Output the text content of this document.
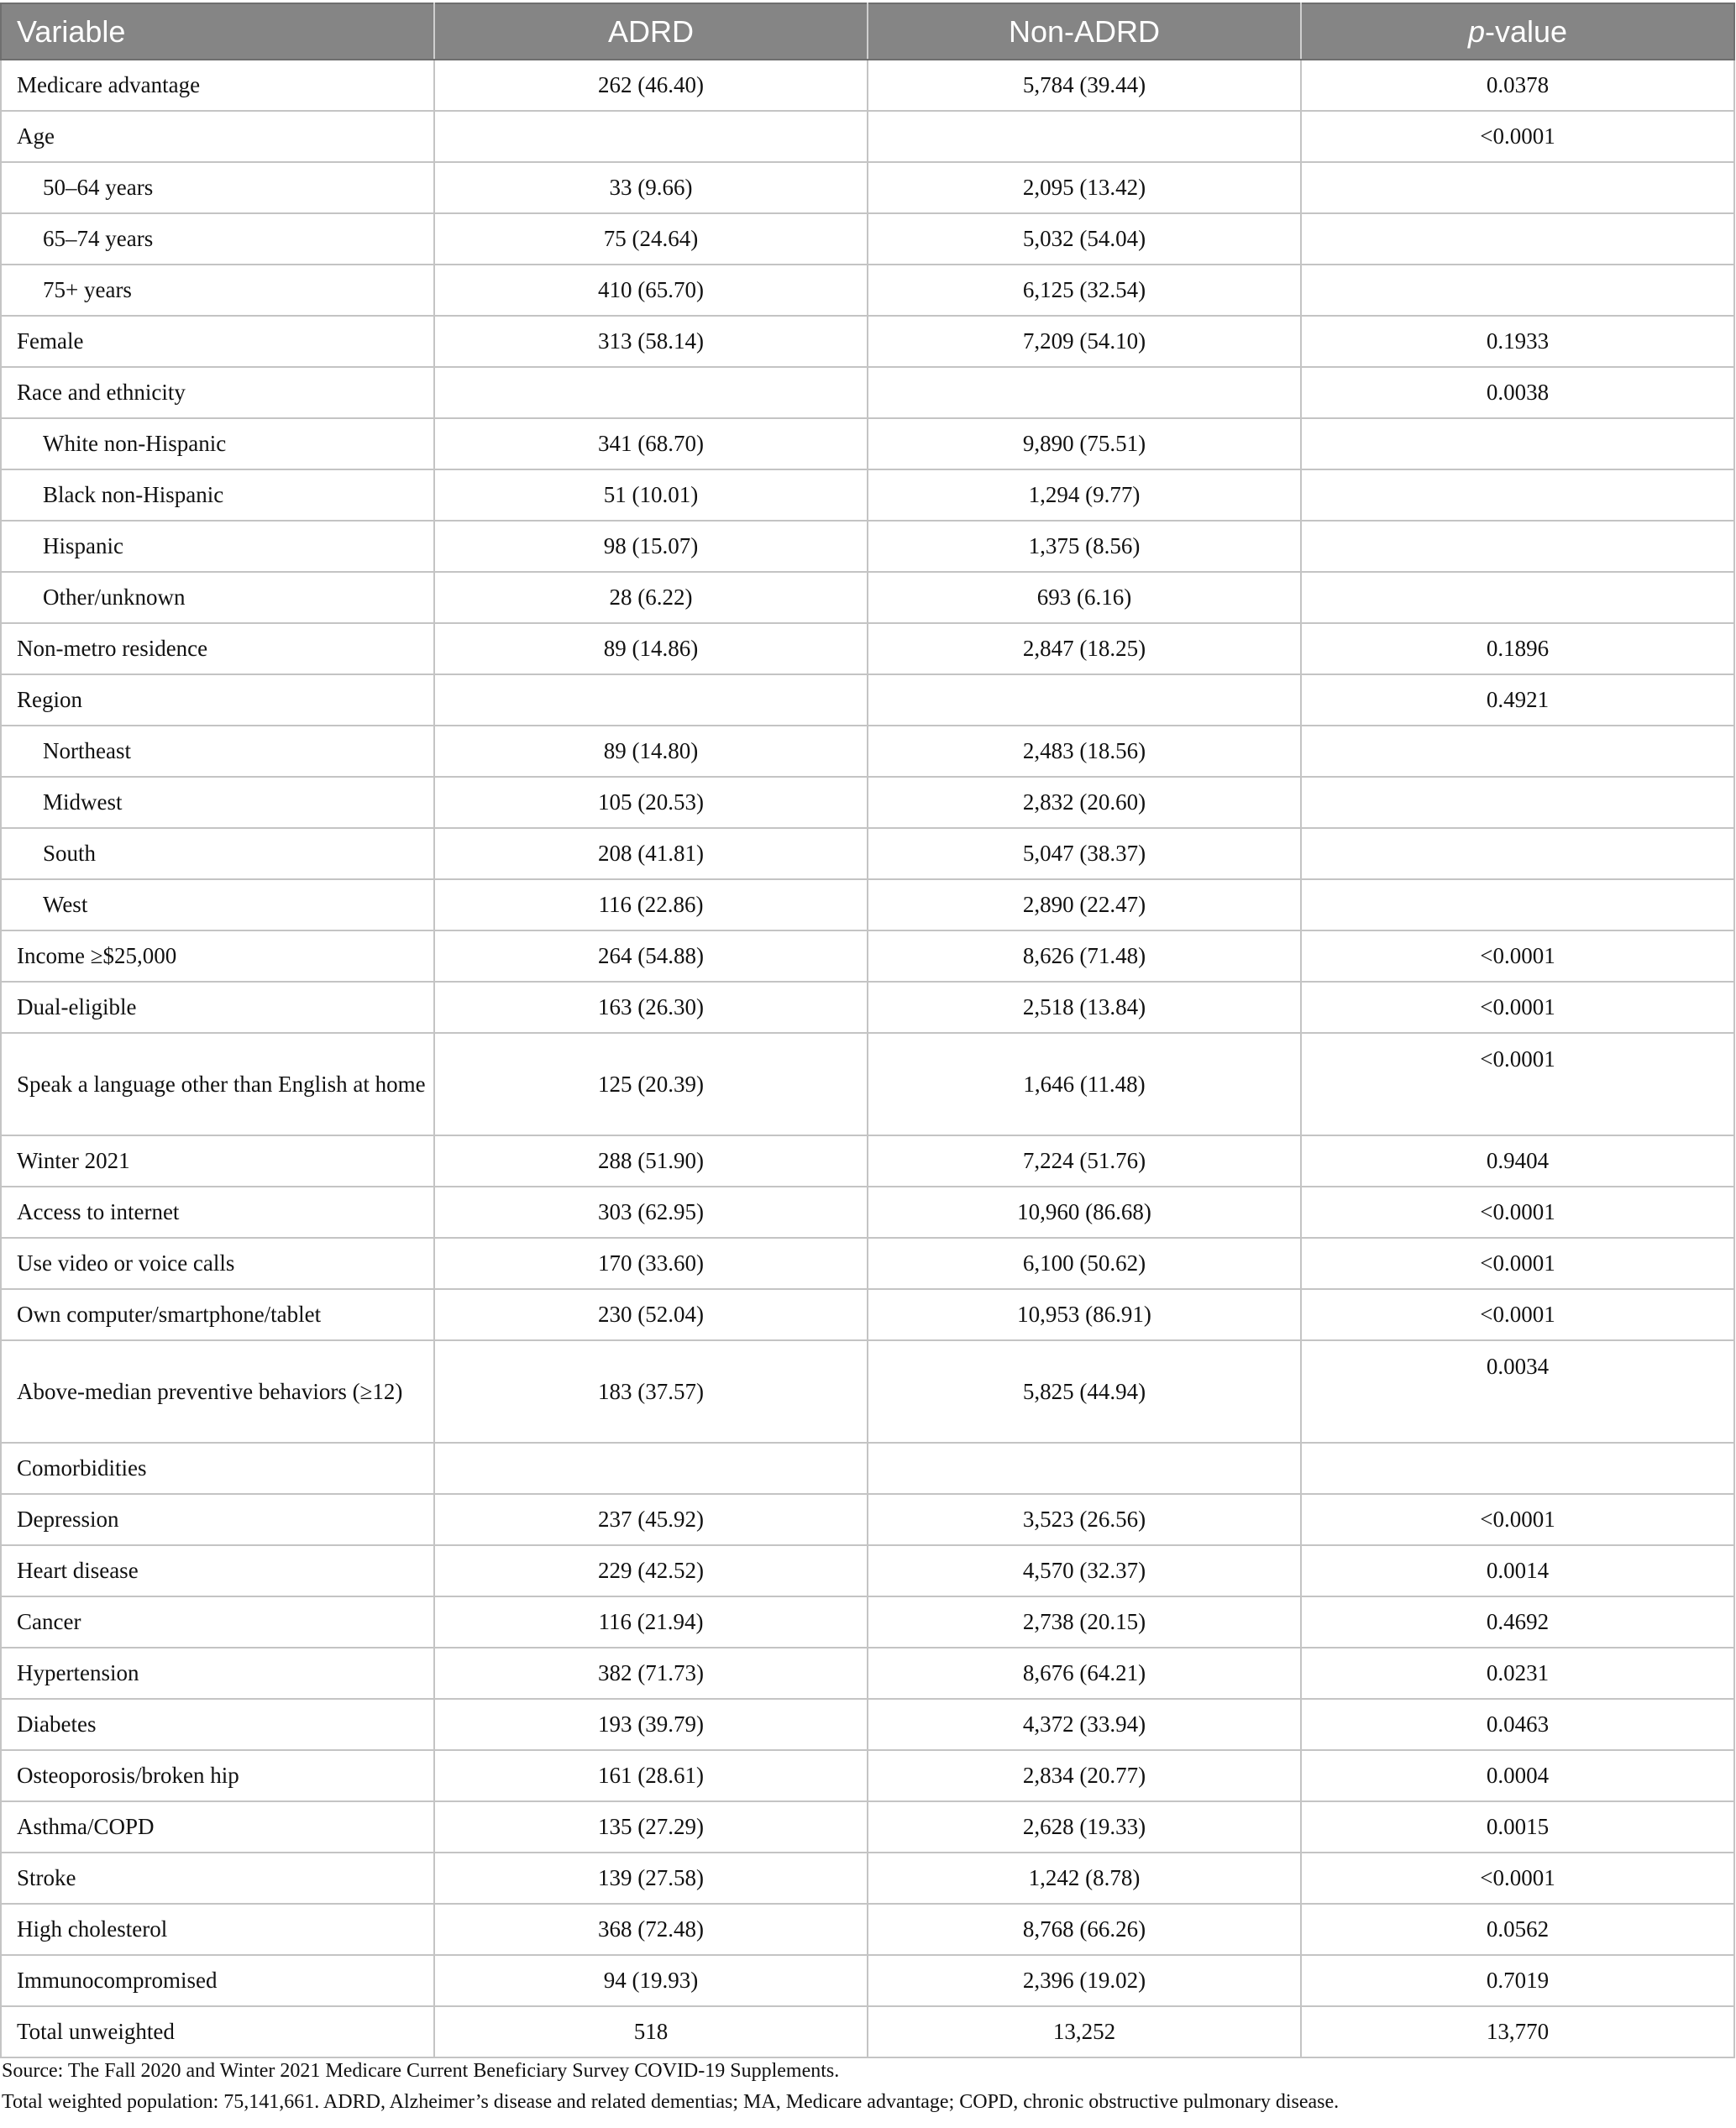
Variable	ADRD	Non-ADRD	p-value
Medicare advantage	262 (46.40)	5,784 (39.44)	0.0378
Age			<0.0001
50–64 years	33 (9.66)	2,095 (13.42)	
65–74 years	75 (24.64)	5,032 (54.04)	
75+ years	410 (65.70)	6,125 (32.54)	
Female	313 (58.14)	7,209 (54.10)	0.1933
Race and ethnicity			0.0038
White non-Hispanic	341 (68.70)	9,890 (75.51)	
Black non-Hispanic	51 (10.01)	1,294 (9.77)	
Hispanic	98 (15.07)	1,375 (8.56)	
Other/unknown	28 (6.22)	693 (6.16)	
Non-metro residence	89 (14.86)	2,847 (18.25)	0.1896
Region			0.4921
Northeast	89 (14.80)	2,483 (18.56)	
Midwest	105 (20.53)	2,832 (20.60)	
South	208 (41.81)	5,047 (38.37)	
West	116 (22.86)	2,890 (22.47)	
Income ≥$25,000	264 (54.88)	8,626 (71.48)	<0.0001
Dual-eligible	163 (26.30)	2,518 (13.84)	<0.0001
Speak a language other than English at home	125 (20.39)	1,646 (11.48)	<0.0001
Winter 2021	288 (51.90)	7,224 (51.76)	0.9404
Access to internet	303 (62.95)	10,960 (86.68)	<0.0001
Use video or voice calls	170 (33.60)	6,100 (50.62)	<0.0001
Own computer/smartphone/tablet	230 (52.04)	10,953 (86.91)	<0.0001
Above-median preventive behaviors (≥12)	183 (37.57)	5,825 (44.94)	0.0034
Comorbidities			
Depression	237 (45.92)	3,523 (26.56)	<0.0001
Heart disease	229 (42.52)	4,570 (32.37)	0.0014
Cancer	116 (21.94)	2,738 (20.15)	0.4692
Hypertension	382 (71.73)	8,676 (64.21)	0.0231
Diabetes	193 (39.79)	4,372 (33.94)	0.0463
Osteoporosis/broken hip	161 (28.61)	2,834 (20.77)	0.0004
Asthma/COPD	135 (27.29)	2,628 (19.33)	0.0015
Stroke	139 (27.58)	1,242 (8.78)	<0.0001
High cholesterol	368 (72.48)	8,768 (66.26)	0.0562
Immunocompromised	94 (19.93)	2,396 (19.02)	0.7019
Total unweighted	518	13,252	13,770

Source: The Fall 2020 and Winter 2021 Medicare Current Beneficiary Survey COVID-19 Supplements.

Total weighted population: 75,141,661. ADRD, Alzheimer’s disease and related dementias; MA, Medicare advantage; COPD, chronic obstructive pulmonary disease.
